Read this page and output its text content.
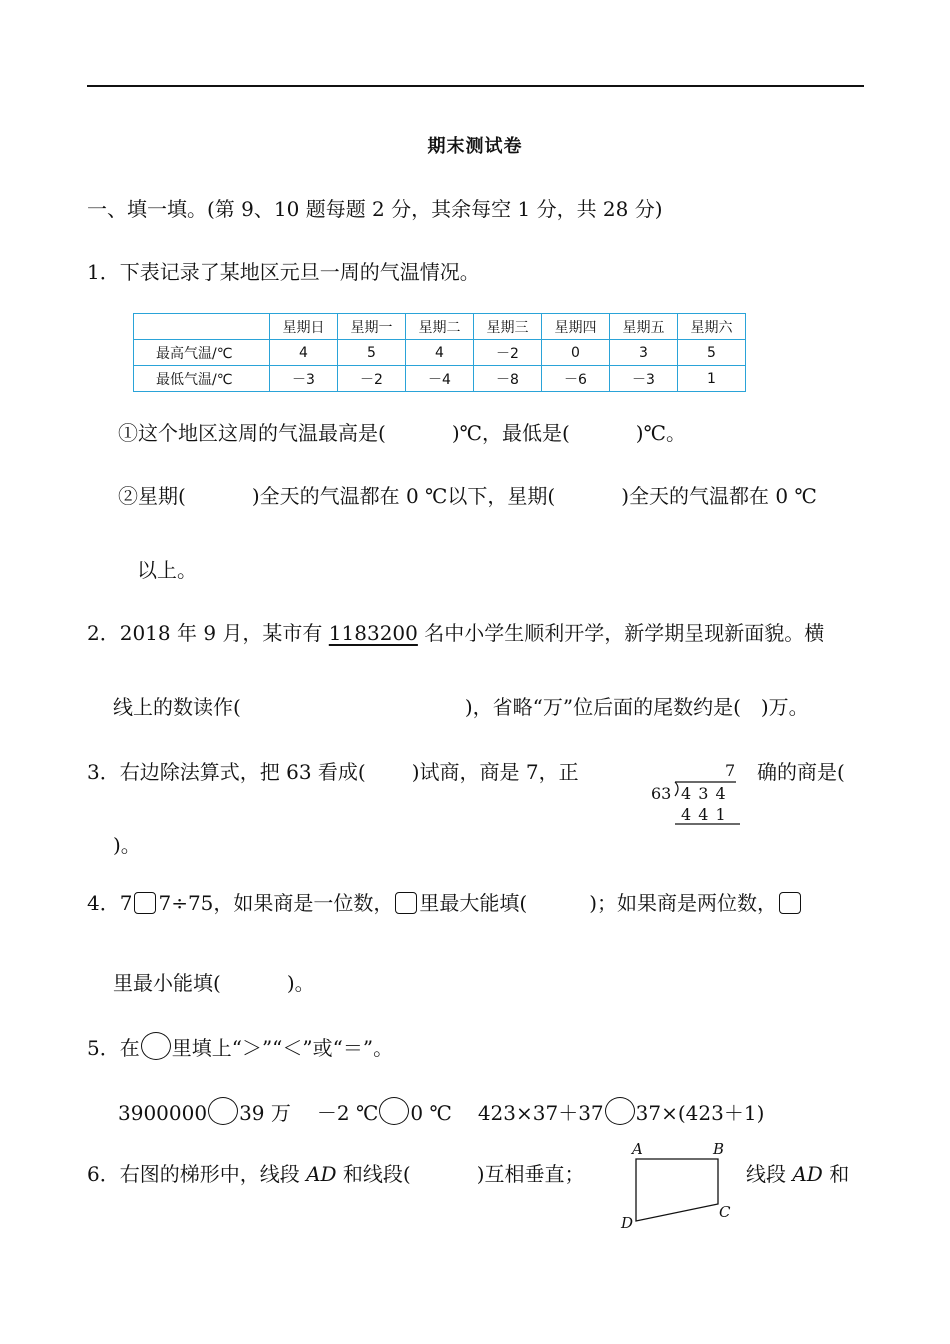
期末测试卷
一、填一填。(第 9、10 题每题 2 分，其余每空 1 分，共 28 分)
1．下表记录了某地区元旦一周的气温情况。
	星期日	星期一	星期二	星期三	星期四	星期五	星期六
最高气温/℃	4	5	4	－2	0	3	5
最低气温/℃	－3	－2	－4	－8	－6	－3	1
①这个地区这周的气温最高是(	)℃，最低是(	)℃。
②星期(	)全天的气温都在 0 ℃以下，星期(	)全天的气温都在 0 ℃
以上。
2．2018 年 9 月，某市有 1183200 名中小学生顺利开学，新学期呈现新面貌。横
线上的数读作(	)，省略“万”位后面的尾数约是( )万。
3．右边除法算式，把 63 看成( )试商，商是 7，正	确的商是(
)。
7
63 4 3 4
4 4 1
4．7 7÷75，如果商是一位数， 里最大能填(	)；如果商是两位数，
里最小能填(	)。
5．在 里填上“＞”“＜”或“＝”。
3900000 39 万 －2 ℃ 0 ℃ 423×37＋37 37×(423＋1)
6．右图的梯形中，线段 AD 和线段(	)互相垂直；	线段 AD 和
A	B
C
D
